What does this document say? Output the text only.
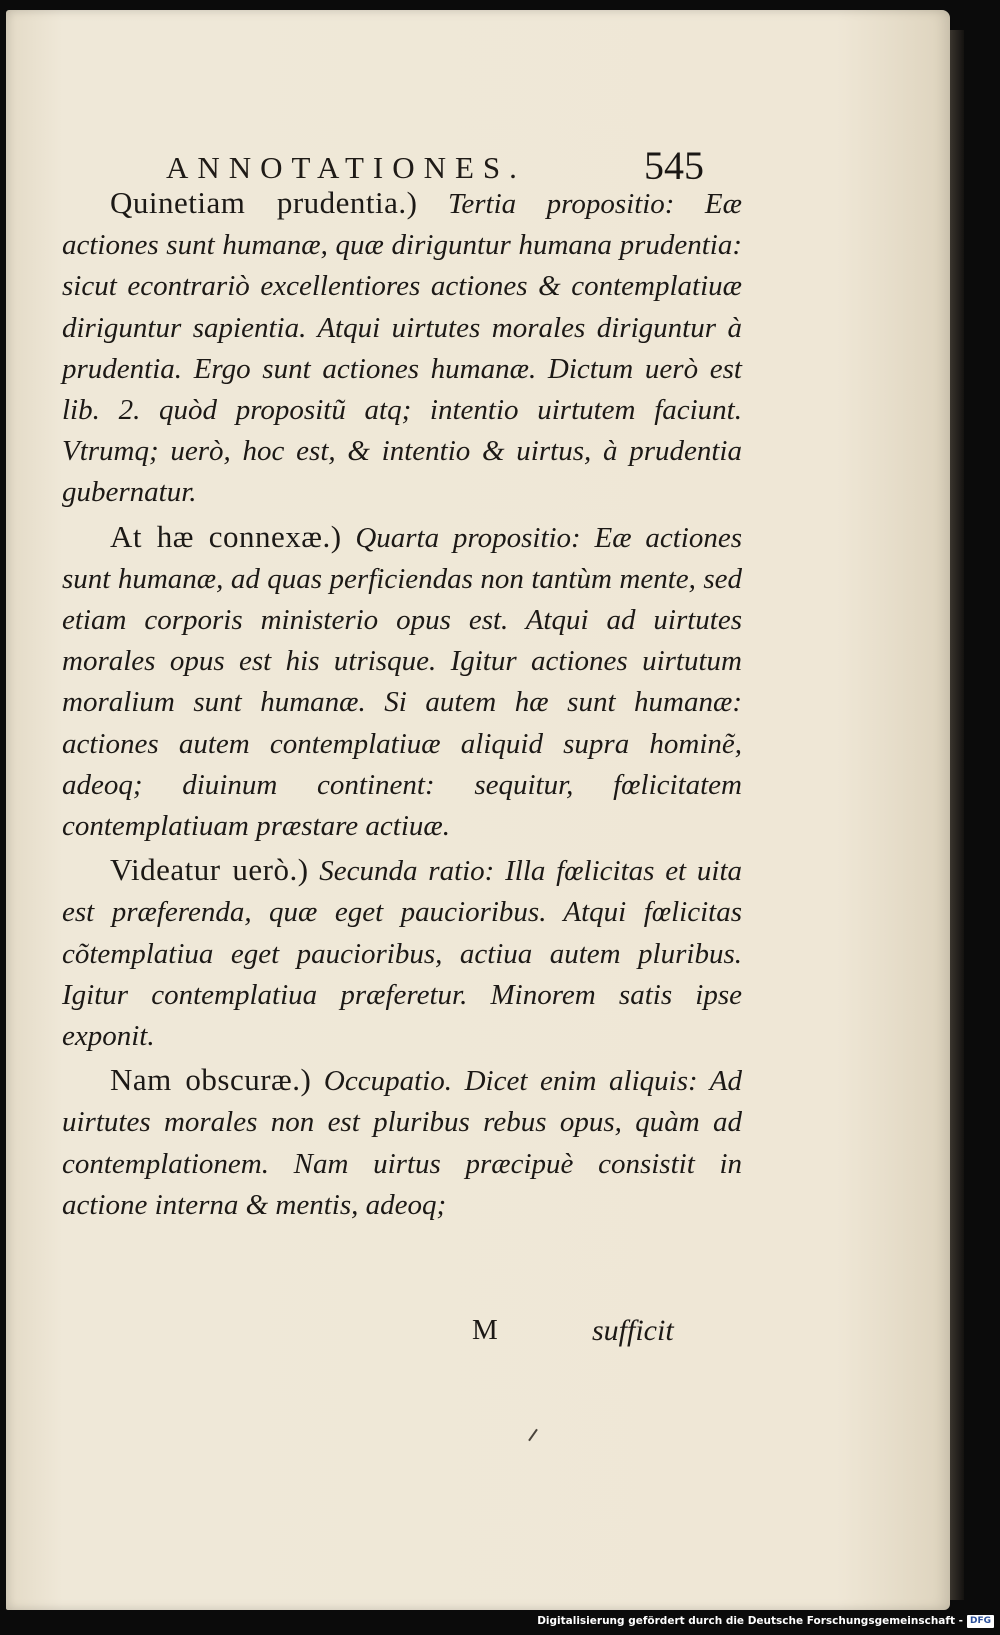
ANNOTATIONES.	545

Quinetiam prudentia.) Tertia propositio: Eæ actiones sunt humanæ, quæ diriguntur humana prudentia: sicut econtrariò excellentiores actiones & contemplatiuæ diriguntur sapientia. Atqui uirtutes morales diriguntur à prudentia. Ergo sunt actiones humanæ. Dictum uerò est lib. 2. quòd propositũ atq; intentio uirtutem faciunt. Vtrumq; uerò, hoc est, & intentio & uirtus, à prudentia gubernatur.

At hæ connexæ.) Quarta propositio: Eæ actiones sunt humanæ, ad quas perficiendas non tantùm mente, sed etiam corporis ministerio opus est. Atqui ad uirtutes morales opus est his utrisque. Igitur actiones uirtutum moralium sunt humanæ. Si autem hæ sunt humanæ: actiones autem contemplatiuæ aliquid supra hominẽ, adeoq; diuinum continent: sequitur, fœlicitatem contemplatiuam præstare actiuæ.

Videatur uerò.) Secunda ratio: Illa fœlicitas et uita est præferenda, quæ eget paucioribus. Atqui fœlicitas cõtemplatiua eget paucioribus, actiua autem pluribus. Igitur contemplatiua præferetur. Minorem satis ipse exponit.

Nam obscuræ.) Occupatio. Dicet enim aliquis: Ad uirtutes morales non est pluribus rebus opus, quàm ad contemplationem. Nam uirtus præcipuè consistit in actione interna & mentis, adeoq;

M	sufficit
Digitalisierung gefördert durch die Deutsche Forschungsgemeinschaft - DFG
